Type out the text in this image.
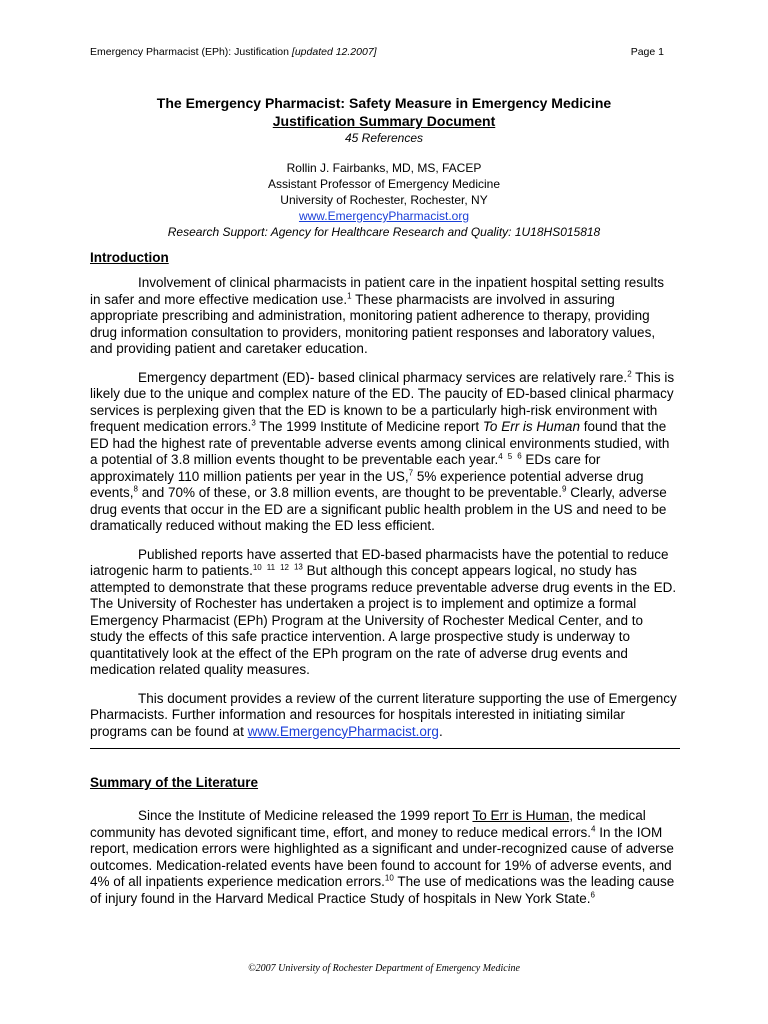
Emergency Pharmacist (EPh): Justification [updated 12.2007]	Page 1
The Emergency Pharmacist: Safety Measure in Emergency Medicine
Justification Summary Document
45 References
Rollin J. Fairbanks, MD, MS, FACEP
Assistant Professor of Emergency Medicine
University of Rochester, Rochester, NY
www.EmergencyPharmacist.org
Research Support: Agency for Healthcare Research and Quality: 1U18HS015818
Introduction

Involvement of clinical pharmacists in patient care in the inpatient hospital setting results in safer and more effective medication use.$^1$ These pharmacists are involved in assuring appropriate prescribing and administration, monitoring patient adherence to therapy, providing drug information consultation to providers, monitoring patient responses and laboratory values, and providing patient and caretaker education.

Emergency department (ED)- based clinical pharmacy services are relatively rare.$^2$ This is likely due to the unique and complex nature of the ED. The paucity of ED-based clinical pharmacy services is perplexing given that the ED is known to be a particularly high-risk environment with frequent medication errors.$^3$ The 1999 Institute of Medicine report To Err is Human found that the ED had the highest rate of preventable adverse events among clinical environments studied, with a potential of 3.8 million events thought to be preventable each year.$^4$ $^5$ $^6$ EDs care for approximately 110 million patients per year in the US,$^7$ 5% experience potential adverse drug events,$^8$ and 70% of these, or 3.8 million events, are thought to be preventable.$^9$ Clearly, adverse drug events that occur in the ED are a significant public health problem in the US and need to be dramatically reduced without making the ED less efficient.

Published reports have asserted that ED-based pharmacists have the potential to reduce iatrogenic harm to patients.$^{10}$ $^{11}$ $^{12}$ $^{13}$ But although this concept appears logical, no study has attempted to demonstrate that these programs reduce preventable adverse drug events in the ED. The University of Rochester has undertaken a project is to implement and optimize a formal Emergency Pharmacist (EPh) Program at the University of Rochester Medical Center, and to study the effects of this safe practice intervention. A large prospective study is underway to quantitatively look at the effect of the EPh program on the rate of adverse drug events and medication related quality measures.

This document provides a review of the current literature supporting the use of Emergency Pharmacists. Further information and resources for hospitals interested in initiating similar programs can be found at www.EmergencyPharmacist.org.

Summary of the Literature

Since the Institute of Medicine released the 1999 report To Err is Human, the medical community has devoted significant time, effort, and money to reduce medical errors.$^4$ In the IOM report, medication errors were highlighted as a significant and under-recognized cause of adverse outcomes. Medication-related events have been found to account for 19% of adverse events, and 4% of all inpatients experience medication errors.$^{10}$ The use of medications was the leading cause of injury found in the Harvard Medical Practice Study of hospitals in New York State.$^6$

©2007 University of Rochester Department of Emergency Medicine
